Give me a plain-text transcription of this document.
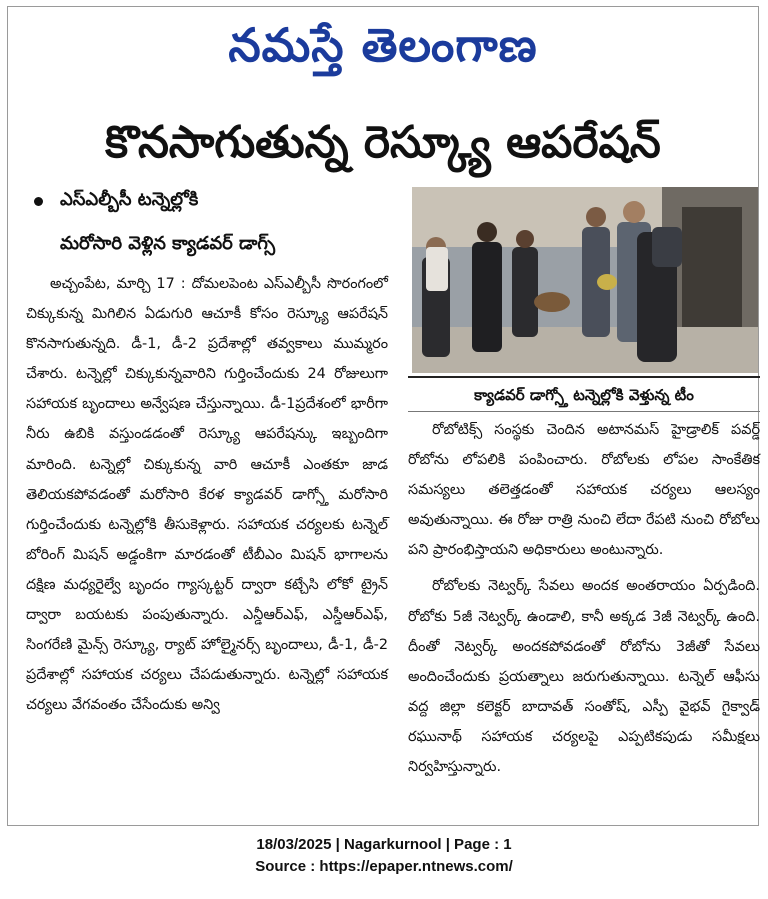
నమస్తే తెలంగాణ
కొనసాగుతున్న రెస్క్యూ ఆపరేషన్
ఎస్ఎల్బీసీ టన్నెల్లోకి
మరోసారి వెళ్లిన క్యాడవర్ డాగ్స్

అచ్చంపేట, మార్చి 17 : దోమలపెంట ఎస్ఎల్బీసీ సొరంగంలో చిక్కుకున్న మిగిలిన ఏడుగురి ఆచూకీ కోసం రెస్క్యూ ఆపరేషన్ కొనసాగుతున్నది. డీ-1, డీ-2 ప్రదేశాల్లో తవ్వకాలు ముమ్మరం చేశారు. టన్నెల్లో చిక్కుకున్నవారిని గుర్తించేందుకు 24 రోజులుగా సహాయక బృందాలు అన్వేషణ చేస్తున్నాయి. డీ-1ప్రదేశంలో భారీగా నీరు ఉబికి వస్తుండడంతో రెస్క్యూ ఆపరేషన్కు ఇబ్బందిగా మారింది. టన్నెల్లో చిక్కుకున్న వారి ఆచూకీ ఎంతకూ జాడ తెలియకపోవడంతో మరోసారి కేరళ క్యాడవర్ డాగ్స్తో మరోసారి గుర్తించేందుకు టన్నెల్లోకి తీసుకెళ్లారు. సహాయక చర్యలకు టన్నెల్ బోరింగ్ మిషన్ అడ్డంకిగా మారడంతో టీబీఎం మిషన్ భాగాలను దక్షిణ మధ్యరైల్వే బృందం గ్యాస్కట్టర్ ద్వారా కట్చేసి లోకో ట్రైన్ ద్వారా బయటకు పంపుతున్నారు. ఎన్డీఆర్ఎఫ్, ఎస్డీఆర్ఎఫ్, సింగరేణి మైన్స్ రెస్క్యూ, ర్యాట్ హోల్మైనర్స్ బృందాలు, డీ-1, డీ-2 ప్రదేశాల్లో సహాయక చర్యలు చేపడుతున్నారు. టన్నెల్లో సహాయక చర్యలు వేగవంతం చేసేందుకు అన్వి

క్యాడవర్ డాగ్స్తో టన్నెల్లోకి వెళ్తున్న టీం

రోబోటిక్స్ సంస్థకు చెందిన అటానమస్ హైడ్రాలిక్ పవర్డ్ రోబోను లోపలికి పంపించారు. రోబోలకు లోపల సాంకేతిక సమస్యలు తలెత్తడంతో సహాయక చర్యలు ఆలస్యం అవుతున్నాయి. ఈ రోజు రాత్రి నుంచి లేదా రేపటి నుంచి రోబోలు పని ప్రారంభిస్తాయని అధికారులు అంటున్నారు.

రోబోలకు నెట్వర్క్ సేవలు అందక అంతరాయం ఏర్పడింది. రోబోకు 5జీ నెట్వర్క్ ఉండాలి, కానీ అక్కడ 3జీ నెట్వర్క్ ఉంది. దీంతో నెట్వర్క్ అందకపోవడంతో రోబోను 3జీతో సేవలు అందించేందుకు ప్రయత్నాలు జరుగుతున్నాయి. టన్నెల్ ఆఫీసు వద్ద జిల్లా కలెక్టర్ బాదావత్ సంతోష్, ఎస్పీ వైభవ్ గైక్వాడ్ రఘునాథ్ సహాయక చర్యలపై ఎప్పటికపుడు సమీక్షలు నిర్వహిస్తున్నారు.

18/03/2025 | Nagarkurnool | Page : 1
Source : https://epaper.ntnews.com/
